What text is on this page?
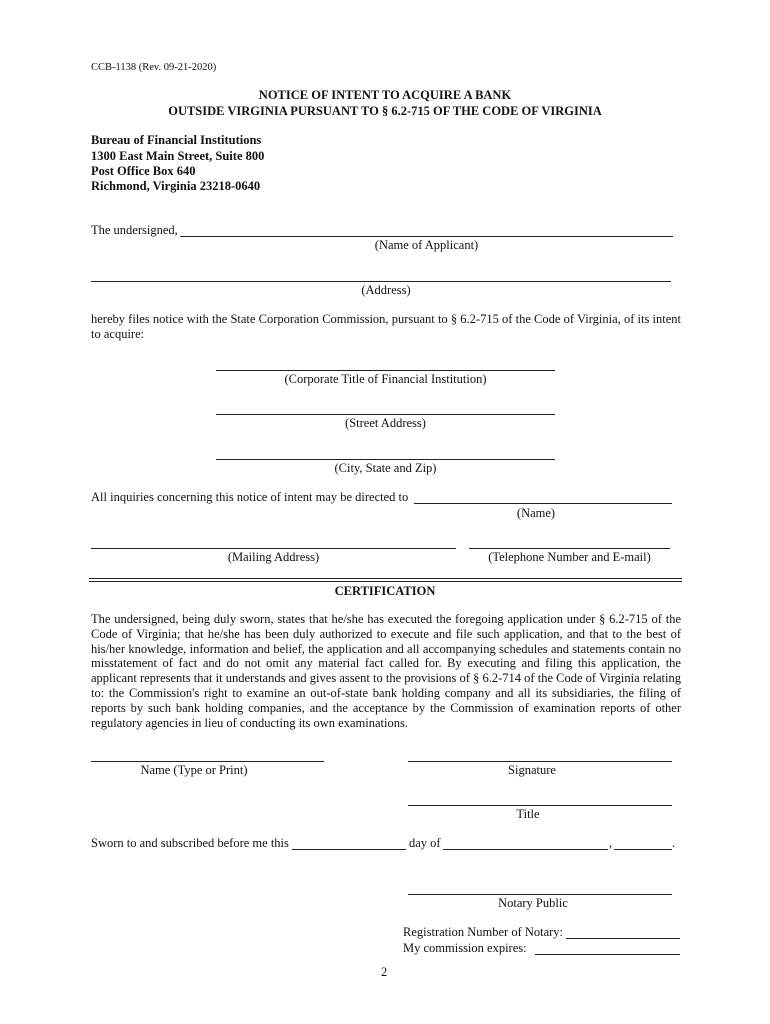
CCB-1138 (Rev. 09-21-2020)
NOTICE OF INTENT TO ACQUIRE A BANK
OUTSIDE VIRGINIA PURSUANT TO § 6.2-715 OF THE CODE OF VIRGINIA
Bureau of Financial Institutions
1300 East Main Street, Suite 800
Post Office Box 640
Richmond, Virginia 23218-0640
The undersigned,
(Name of Applicant)
(Address)
hereby files notice with the State Corporation Commission, pursuant to § 6.2-715 of the Code of Virginia, of its intent to acquire:
(Corporate Title of Financial Institution)
(Street Address)
(City, State and Zip)
All inquiries concerning this notice of intent may be directed to
(Name)
(Mailing Address)	(Telephone Number and E-mail)
CERTIFICATION
The undersigned, being duly sworn, states that he/she has executed the foregoing application under § 6.2-715 of the Code of Virginia; that he/she has been duly authorized to execute and file such application, and that to the best of his/her knowledge, information and belief, the application and all accompanying schedules and statements contain no misstatement of fact and do not omit any material fact called for. By executing and filing this application, the applicant represents that it understands and gives assent to the provisions of § 6.2-714 of the Code of Virginia relating to: the Commission's right to examine an out-of-state bank holding company and all its subsidiaries, the filing of reports by such bank holding companies, and the acceptance by the Commission of examination reports of other regulatory agencies in lieu of conducting its own examinations.
Name (Type or Print)	Signature
Title
Sworn to and subscribed before me this	day of	,	.
Notary Public
Registration Number of Notary:
My commission expires:
2
